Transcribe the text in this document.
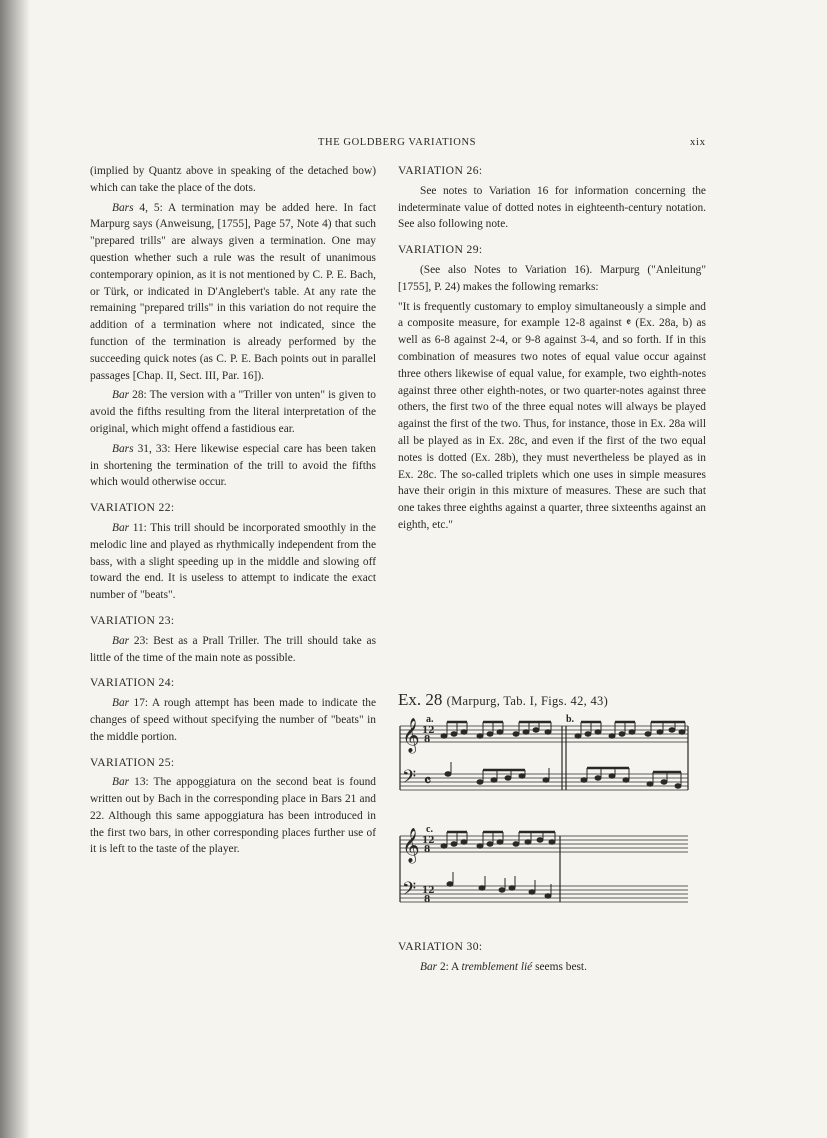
THE GOLDBERG VARIATIONS	xix

(implied by Quantz above in speaking of the detached bow) which can take the place of the dots.

Bars 4, 5: A termination may be added here. In fact Marpurg says (Anweisung, [1755], Page 57, Note 4) that such "prepared trills" are always given a termination. One may question whether such a rule was the result of unanimous contemporary opinion, as it is not mentioned by C. P. E. Bach, or Türk, or indicated in D'Anglebert's table. At any rate the remaining "prepared trills" in this variation do not require the addition of a termination where not indicated, since the function of the termination is already performed by the succeeding quick notes (as C. P. E. Bach points out in parallel passages [Chap. II, Sect. III, Par. 16]).

Bar 28: The version with a "Triller von unten" is given to avoid the fifths resulting from the literal interpretation of the original, which might offend a fastidious ear.

Bars 31, 33: Here likewise especial care has been taken in shortening the termination of the trill to avoid the fifths which would otherwise occur.

VARIATION 22:

Bar 11: This trill should be incorporated smoothly in the melodic line and played as rhythmically independent from the bass, with a slight speeding up in the middle and slowing off toward the end. It is useless to attempt to indicate the exact number of "beats".

VARIATION 23:

Bar 23: Best as a Prall Triller. The trill should take as little of the time of the main note as possible.

VARIATION 24:

Bar 17: A rough attempt has been made to indicate the changes of speed without specifying the number of "beats" in the middle portion.

VARIATION 25:

Bar 13: The appoggiatura on the second beat is found written out by Bach in the corresponding place in Bars 21 and 22. Although this same appoggiatura has been introduced in the first two bars, in other corresponding places further use of it is left to the taste of the player.

VARIATION 26:

See notes to Variation 16 for information concerning the indeterminate value of dotted notes in eighteenth-century notation. See also following note.

VARIATION 29:

(See also Notes to Variation 16). Marpurg ("Anleitung" [1755], P. 24) makes the following remarks:

"It is frequently customary to employ simultaneously a simple and a composite measure, for example 12-8 against 𝄵 (Ex. 28a, b) as well as 6-8 against 2-4, or 9-8 against 3-4, and so forth. If in this combination of measures two notes of equal value occur against three others likewise of equal value, for example, two eighth-notes against three other eighth-notes, or two quarter-notes against three others, the first two of the three equal notes will always be played against the first of the two. Thus, for instance, those in Ex. 28a will all be played as in Ex. 28c, and even if the first of the two equal notes is dotted (Ex. 28b), they must nevertheless be played as in Ex. 28c. The so-called triplets which one uses in simple measures have their origin in this mixture of measures. These are such that one takes three eighths against a quarter, three sixteenths against an eighth, etc."

Ex. 28 (Marpurg, Tab. I, Figs. 42, 43)
a.	b.
c.
𝄞
𝄢
𝄞
𝄢
12
8
𝄴
12
8
12
8
VARIATION 30:

Bar 2: A tremblement lié seems best.
